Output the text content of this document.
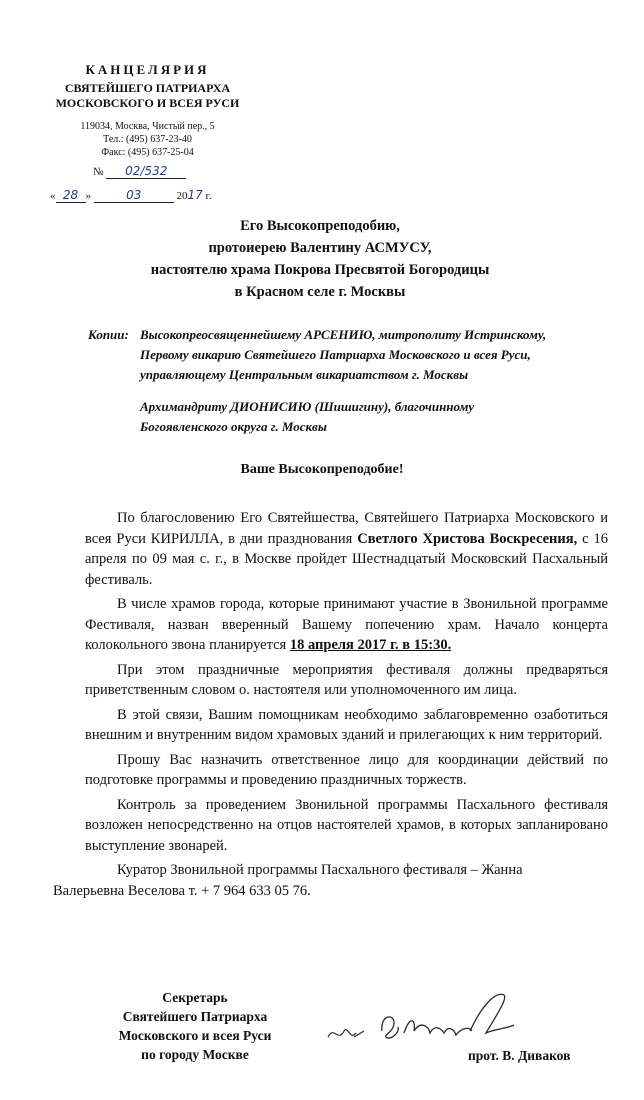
КАНЦЕЛЯРИЯ
СВЯТЕЙШЕГО ПАТРИАРХА
МОСКОВСКОГО И ВСЕЯ РУСИ
119034, Москва, Чистый пер., 5
Тел.: (495) 637-23-40
Факс: (495) 637-25-04
№ 02/532
« 28 »	03	2017 г.
Его Высокопреподобию,
протоиерею Валентину АСМУСУ,
настоятелю храма Покрова Пресвятой Богородицы
в Красном селе г. Москвы
Копии: Высокопреосвященнейшему АРСЕНИЮ, митрополиту Истринскому,

Первому викарию Святейшего Патриарха Московского и всея Руси,

управляющему Центральным викариатством г. Москвы

Архимандриту ДИОНИСИЮ (Шишигину), благочинному

Богоявленского округа г. Москвы

Ваше Высокопреподобие!

По благословению Его Святейшества, Святейшего Патриарха Московского и всея Руси КИРИЛЛА, в дни празднования Светлого Христова Воскресения, с 16 апреля по 09 мая с. г., в Москве пройдет Шестнадцатый Московский Пасхальный фестиваль.

В числе храмов города, которые принимают участие в Звонильной программе Фестиваля, назван вверенный Вашему попечению храм. Начало концерта колокольного звона планируется 18 апреля 2017 г. в 15:30.

При этом праздничные мероприятия фестиваля должны предваряться приветственным словом о. настоятеля или уполномоченного им лица.

В этой связи, Вашим помощникам необходимо заблаговременно озаботиться внешним и внутренним видом храмовых зданий и прилегающих к ним территорий.

Прошу Вас назначить ответственное лицо для координации действий по подготовке программы и проведению праздничных торжеств.

Контроль за проведением Звонильной программы Пасхального фестиваля возложен непосредственно на отцов настоятелей храмов, в которых запланировано выступление звонарей.

Куратор Звонильной программы Пасхального фестиваля – Жанна
Валерьевна Веселова т. + 7 964 633 05 76.

Секретарь
Святейшего Патриарха
Московского и всея Руси
по городу Москве	прот. В. Диваков
